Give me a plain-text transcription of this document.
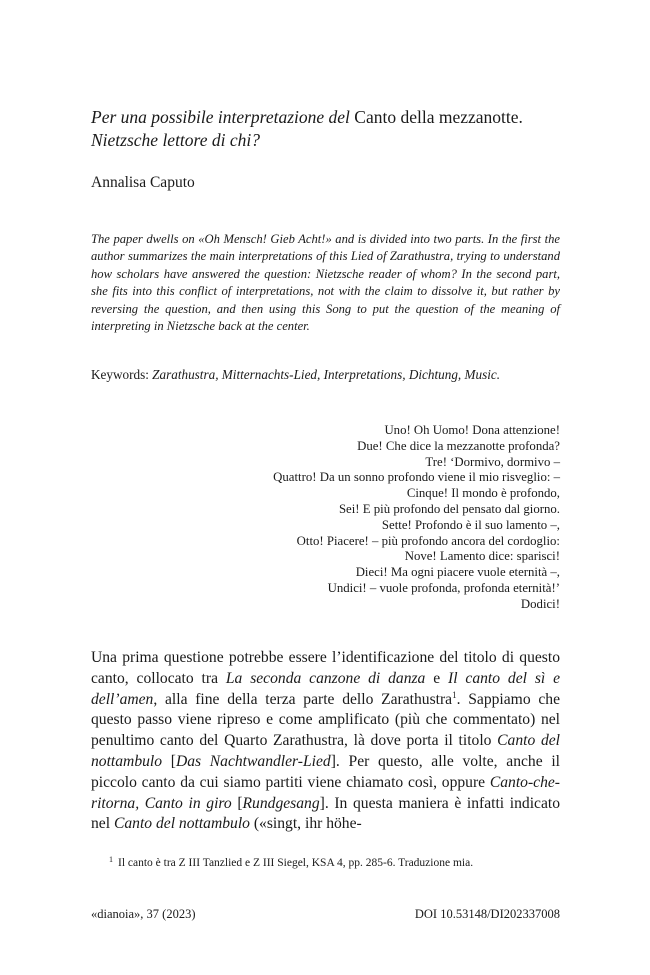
Per una possibile interpretazione del Canto della mezzanotte.
Nietzsche lettore di chi?
Annalisa Caputo

The paper dwells on «Oh Mensch! Gieb Acht!» and is divided into two parts. In the first the author summarizes the main interpretations of this Lied of Zarathustra, trying to understand how scholars have answered the question: Nietzsche reader of whom? In the second part, she fits into this conflict of interpretations, not with the claim to dissolve it, but rather by reversing the question, and then using this Song to put the question of the meaning of interpreting in Nietzsche back at the center.

Keywords: Zarathustra, Mitternachts-Lied, Interpretations, Dichtung, Music.
Uno! Oh Uomo! Dona attenzione!
Due! Che dice la mezzanotte profonda?
Tre! ‘Dormivo, dormivo –
Quattro! Da un sonno profondo viene il mio risveglio: –
Cinque! Il mondo è profondo,
Sei! E più profondo del pensato dal giorno.
Sette! Profondo è il suo lamento –,
Otto! Piacere! – più profondo ancora del cordoglio:
Nove! Lamento dice: sparisci!
Dieci! Ma ogni piacere vuole eternità –,
Undici! – vuole profonda, profonda eternità!’
Dodici!

Una prima questione potrebbe essere l’identificazione del titolo di questo canto, collocato tra La seconda canzone di danza e Il canto del sì e dell’amen, alla fine della terza parte dello Zarathustra$^1$. Sappiamo che questo passo viene ripreso e come amplificato (più che commentato) nel penultimo canto del Quarto Zarathustra, là dove porta il titolo Canto del nottambulo [Das Nachtwandler-Lied]. Per questo, alle volte, anche il piccolo canto da cui siamo partiti viene chiamato così, oppure Canto-che-ritorna, Canto in giro [Rundgesang]. In questa maniera è infatti indicato nel Canto del nottambulo («singt, ihr höhe-

$^1$ Il canto è tra Z III Tanzlied e Z III Siegel, KSA 4, pp. 285-6. Traduzione mia.
«dianoia», 37 (2023)	DOI 10.53148/DI202337008
